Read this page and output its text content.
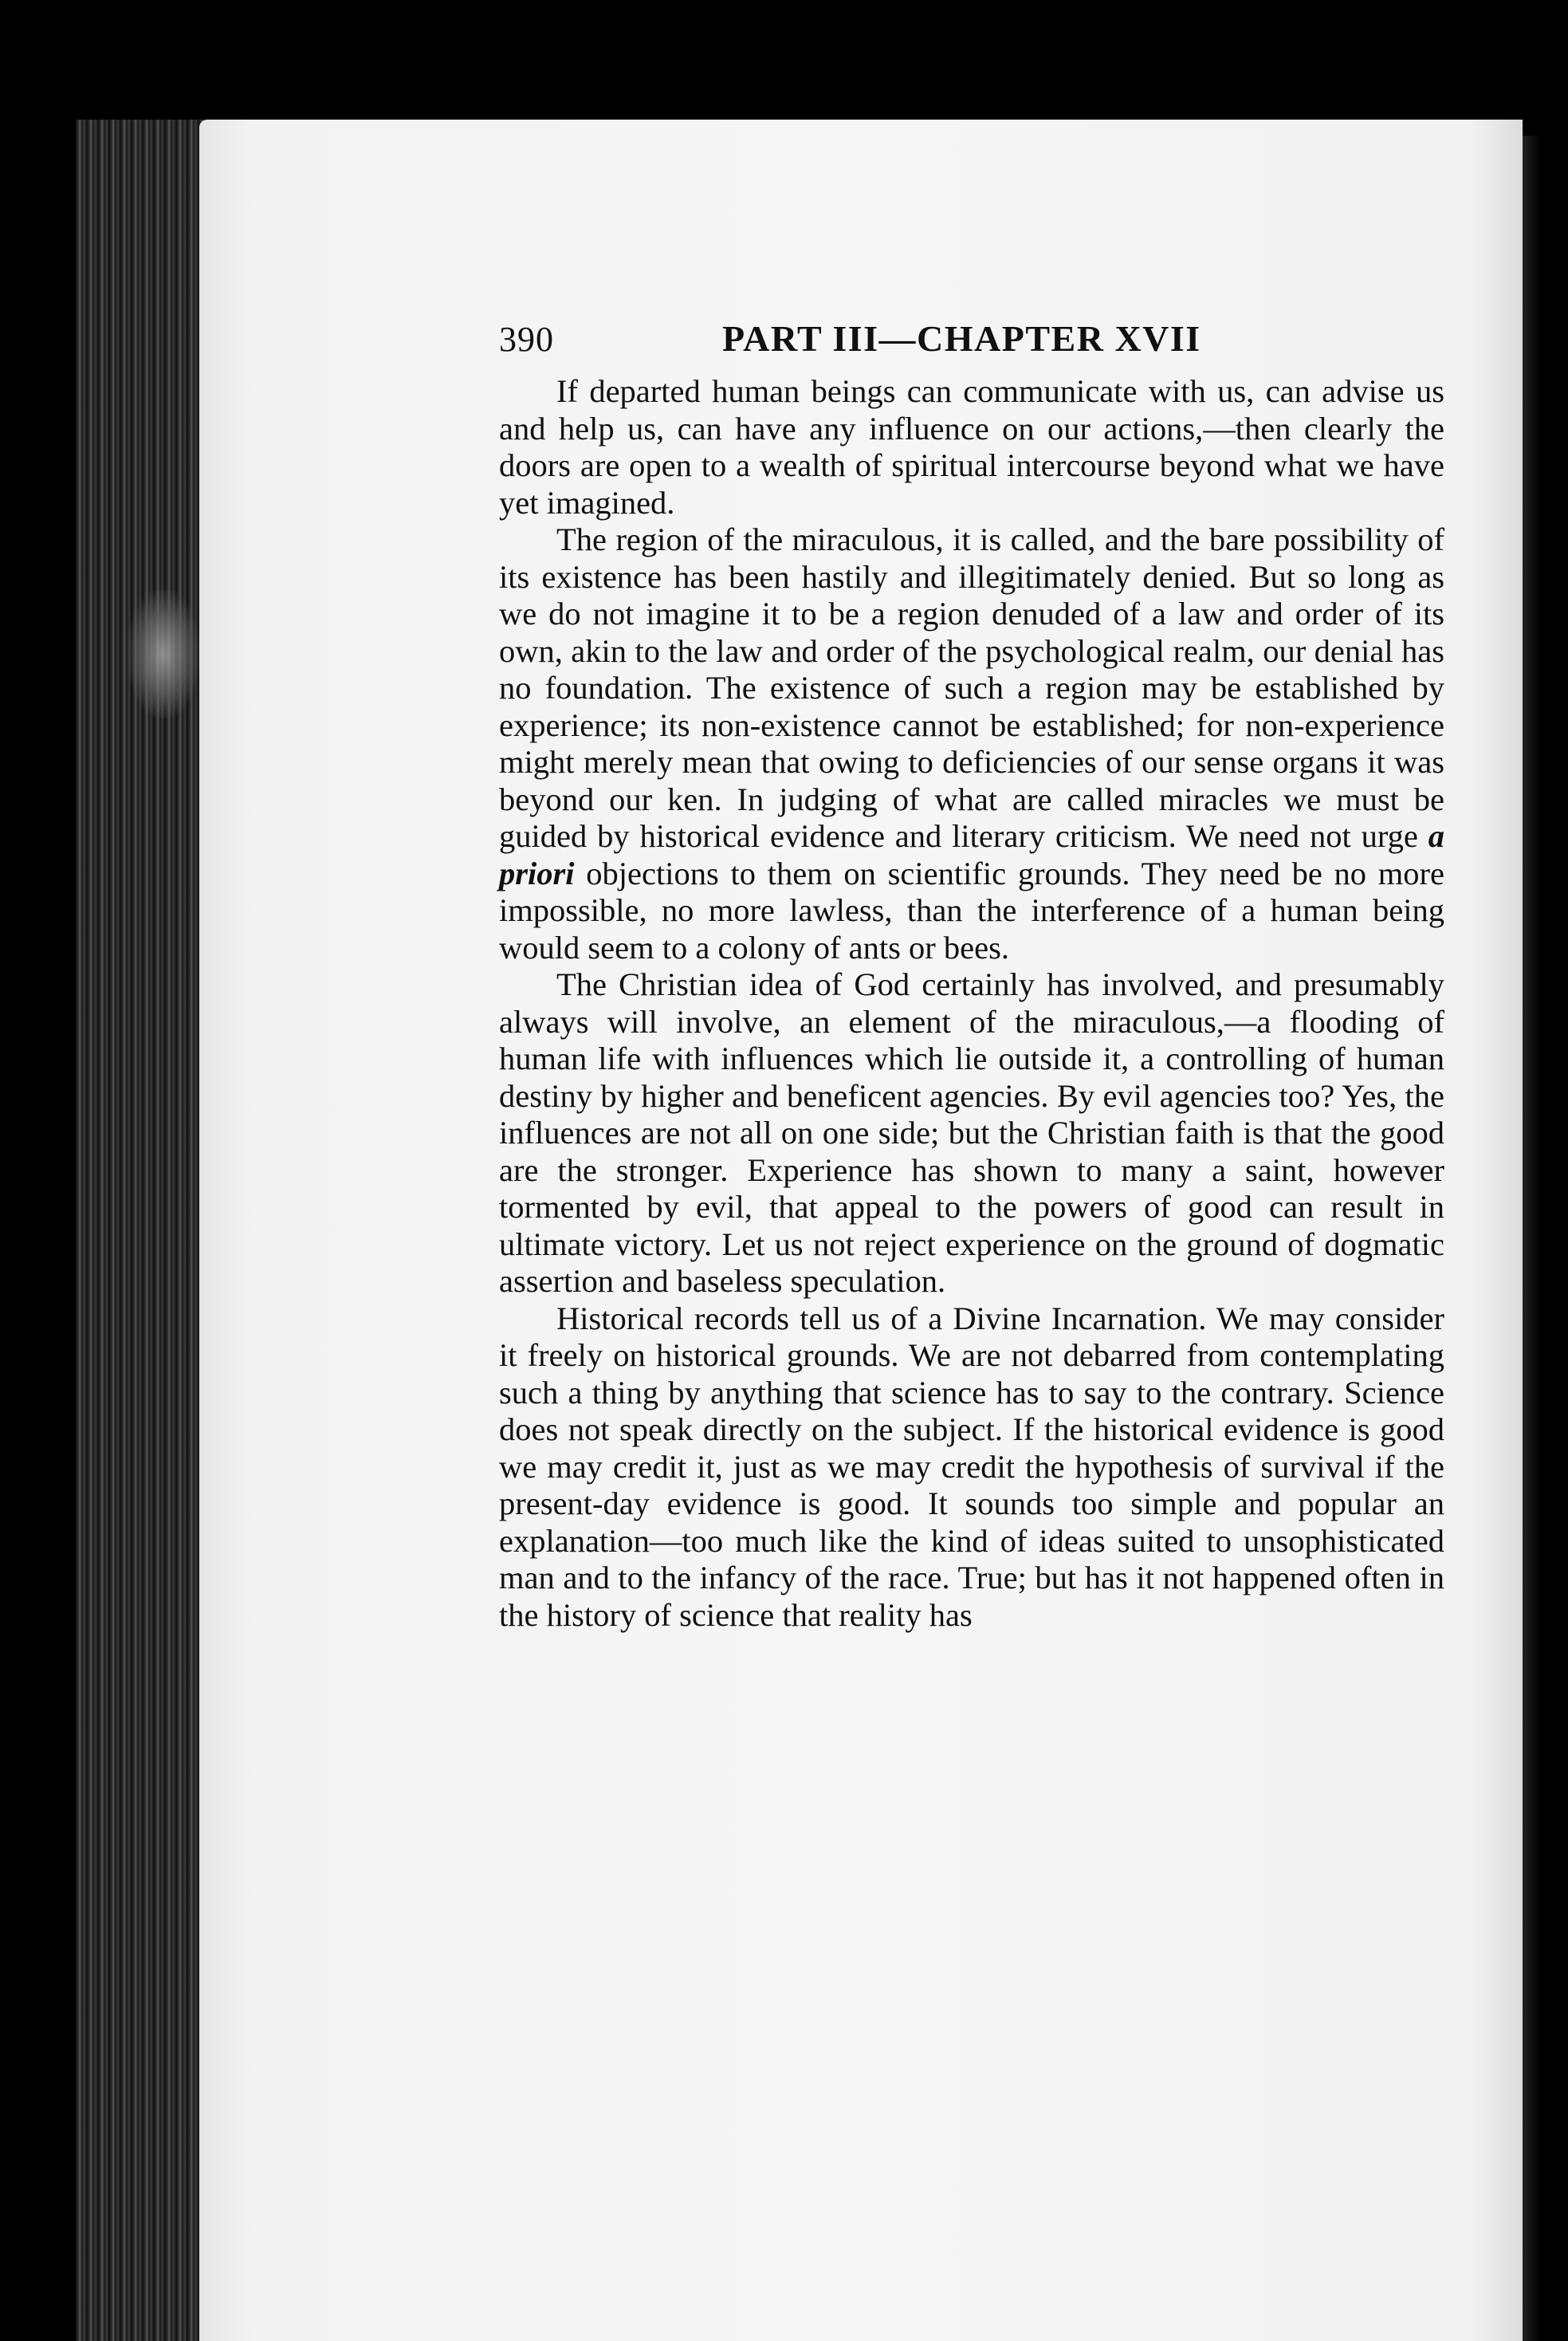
390	PART III—CHAPTER XVII

If departed human beings can communicate with us, can advise us and help us, can have any influence on our actions,—then clearly the doors are open to a wealth of spiritual intercourse beyond what we have yet imagined.

The region of the miraculous, it is called, and the bare possibility of its existence has been hastily and illegitimately denied. But so long as we do not imagine it to be a region denuded of a law and order of its own, akin to the law and order of the psychological realm, our denial has no foundation. The existence of such a region may be established by experience; its non-existence cannot be established; for non-experience might merely mean that owing to deficiencies of our sense organs it was beyond our ken. In judging of what are called miracles we must be guided by historical evidence and literary criticism. We need not urge a priori objections to them on scientific grounds. They need be no more impossible, no more lawless, than the interference of a human being would seem to a colony of ants or bees.

The Christian idea of God certainly has involved, and presumably always will involve, an element of the miraculous,—a flooding of human life with influences which lie outside it, a controlling of human destiny by higher and beneficent agencies. By evil agencies too? Yes, the influences are not all on one side; but the Christian faith is that the good are the stronger. Experience has shown to many a saint, however tormented by evil, that appeal to the powers of good can result in ultimate victory. Let us not reject experience on the ground of dogmatic assertion and baseless speculation.

Historical records tell us of a Divine Incarnation. We may consider it freely on historical grounds. We are not debarred from contemplating such a thing by anything that science has to say to the contrary. Science does not speak directly on the subject. If the historical evidence is good we may credit it, just as we may credit the hypothesis of survival if the present-day evidence is good. It sounds too simple and popular an explanation—too much like the kind of ideas suited to unsophisticated man and to the infancy of the race. True; but has it not happened often in the history of science that reality has
